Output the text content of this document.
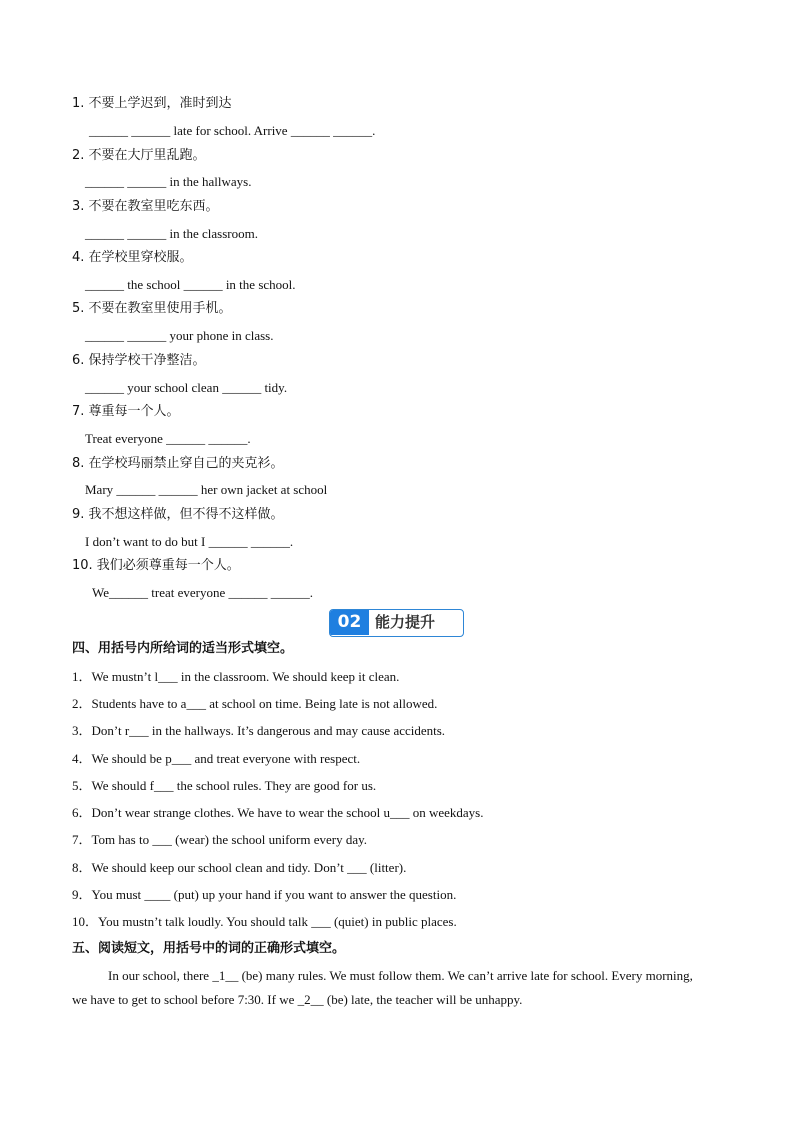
1. 不要上学迟到，准时到达
______ ______ late for school. Arrive ______ ______.
2. 不要在大厅里乱跑。
______ ______ in the hallways.
3. 不要在教室里吃东西。
______ ______ in the classroom.
4. 在学校里穿校服。
______ the school ______ in the school.
5. 不要在教室里使用手机。
______ ______ your phone in class.
6. 保持学校干净整洁。
______ your school clean ______ tidy.
7. 尊重每一个人。
Treat everyone ______ ______.
8. 在学校玛丽禁止穿自己的夹克衫。
Mary ______ ______ her own jacket at school
9. 我不想这样做，但不得不这样做。
I don’t want to do but I ______ ______.
10. 我们必须尊重每一个人。
We______ treat everyone ______ ______.
02 能力提升
四、用括号内所给词的适当形式填空。
1．We mustn’t l___ in the classroom. We should keep it clean.
2．Students have to a___ at school on time. Being late is not allowed.
3．Don’t r___ in the hallways. It’s dangerous and may cause accidents.
4．We should be p___ and treat everyone with respect.
5．We should f___ the school rules. They are good for us.
6．Don’t wear strange clothes. We have to wear the school u___ on weekdays.
7．Tom has to ___ (wear) the school uniform every day.
8．We should keep our school clean and tidy. Don’t ___ (litter).
9．You must ____ (put) up your hand if you want to answer the question.
10．You mustn’t talk loudly. You should talk ___ (quiet) in public places.
五、阅读短文，用括号中的词的正确形式填空。
In our school, there _1__ (be) many rules. We must follow them. We can’t arrive late for school. Every morning,
we have to get to school before 7:30. If we _2__ (be) late, the teacher will be unhappy.
